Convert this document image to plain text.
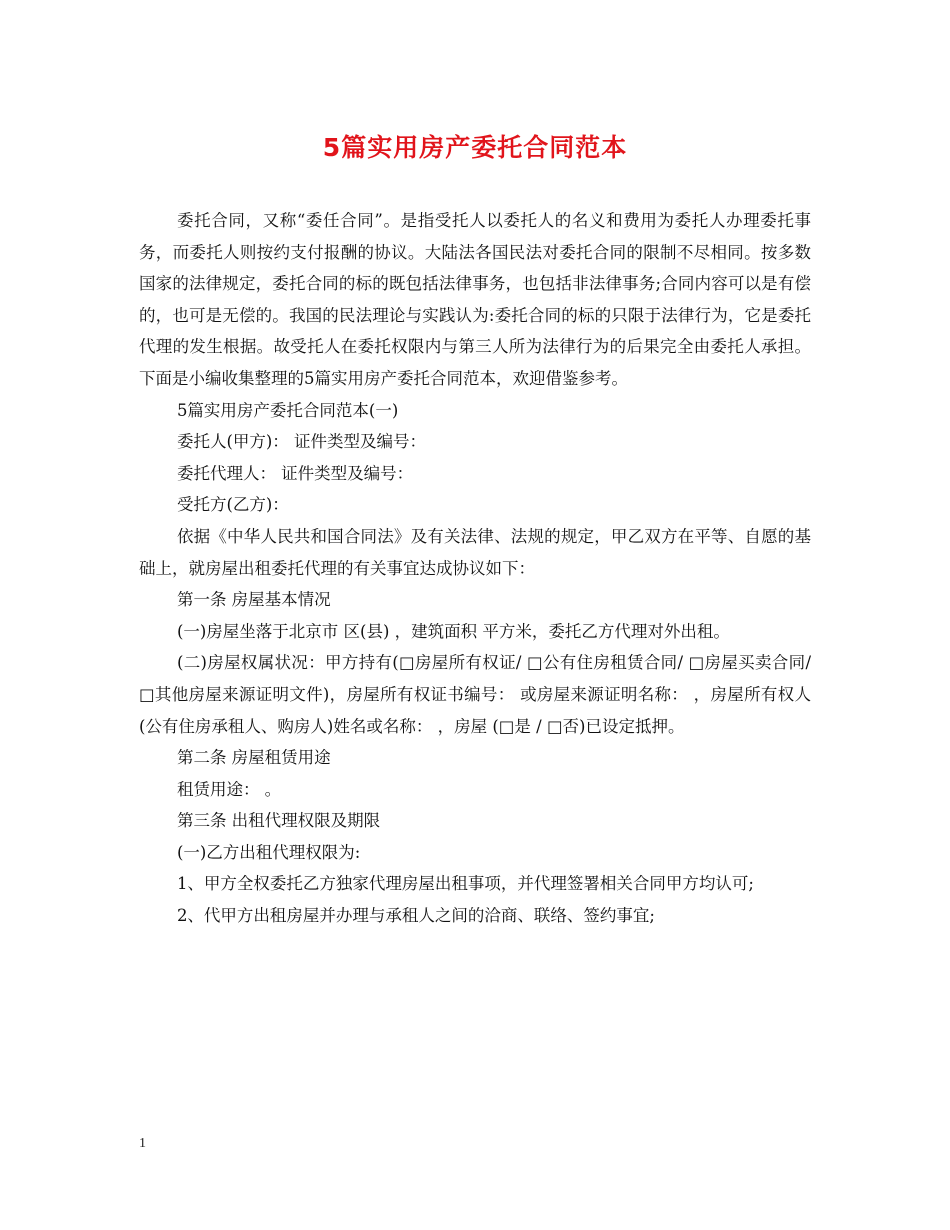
5篇实用房产委托合同范本

委托合同，又称“委任合同”。是指受托人以委托人的名义和费用为委托人办理委托事务，而委托人则按约支付报酬的协议。大陆法各国民法对委托合同的限制不尽相同。按多数国家的法律规定，委托合同的标的既包括法律事务，也包括非法律事务;合同内容可以是有偿的，也可是无偿的。我国的民法理论与实践认为:委托合同的标的只限于法律行为，它是委托代理的发生根据。故受托人在委托权限内与第三人所为法律行为的后果完全由委托人承担。下面是小编收集整理的5篇实用房产委托合同范本，欢迎借鉴参考。

5篇实用房产委托合同范本(一)

委托人(甲方)： 证件类型及编号：

委托代理人： 证件类型及编号：

受托方(乙方)：

依据《中华人民共和国合同法》及有关法律、法规的规定，甲乙双方在平等、自愿的基础上，就房屋出租委托代理的有关事宜达成协议如下：

第一条 房屋基本情况

(一)房屋坐落于北京市 区(县) ，建筑面积 平方米，委托乙方代理对外出租。

(二)房屋权属状况：甲方持有(□房屋所有权证/ □公有住房租赁合同/ □房屋买卖合同/ □其他房屋来源证明文件)，房屋所有权证书编号： 或房屋来源证明名称： ，房屋所有权人(公有住房承租人、购房人)姓名或名称： ，房屋 (□是 / □否)已设定抵押。

第二条 房屋租赁用途

租赁用途： 。

第三条 出租代理权限及期限

(一)乙方出租代理权限为:

1、甲方全权委托乙方独家代理房屋出租事项，并代理签署相关合同甲方均认可;

2、代甲方出租房屋并办理与承租人之间的洽商、联络、签约事宜;

1
